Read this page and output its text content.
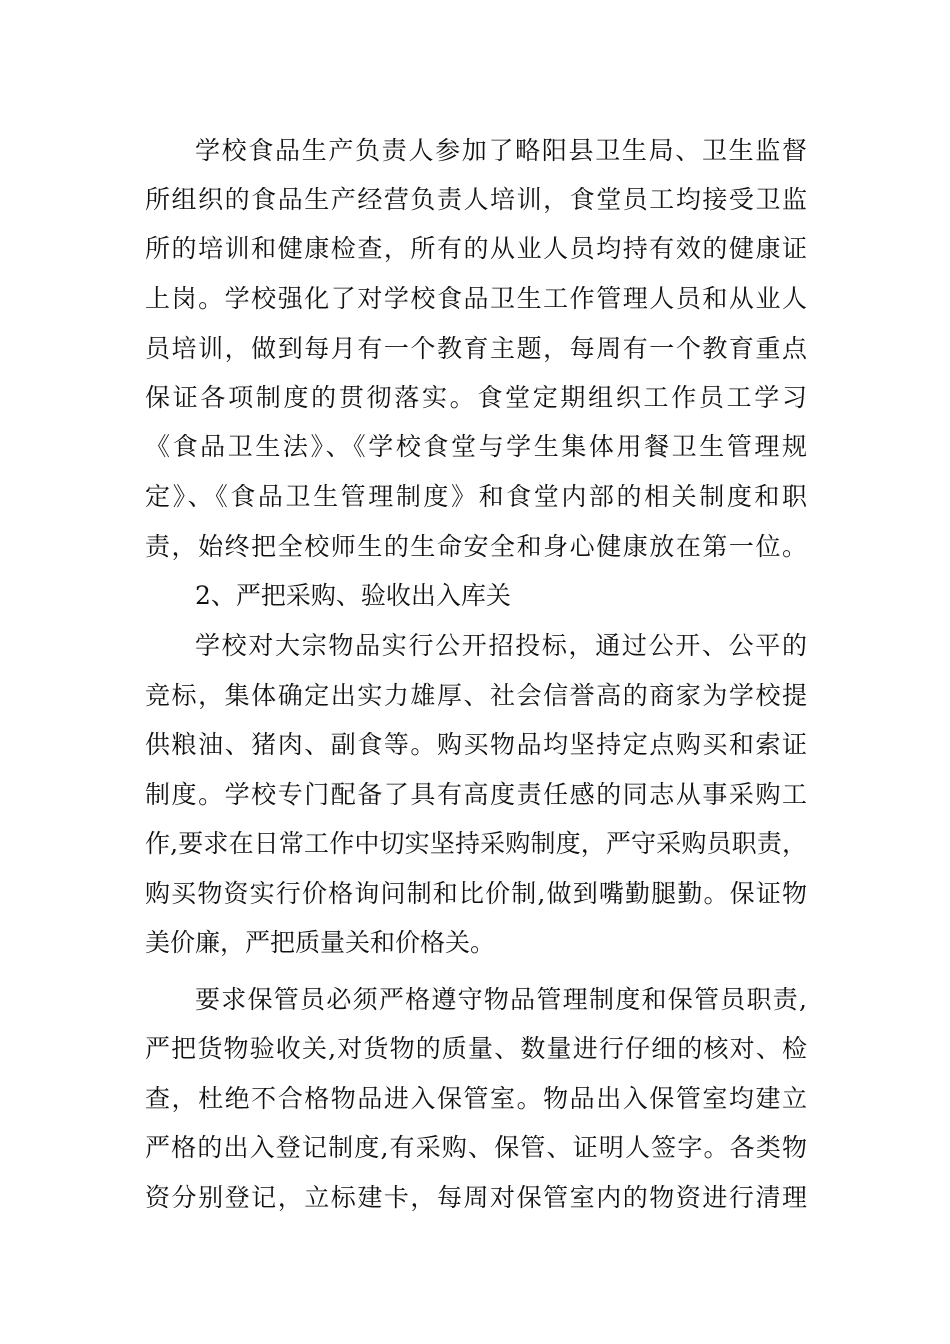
学校食品生产负责人参加了略阳县卫生局、卫生监督
所组织的食品生产经营负责人培训，食堂员工均接受卫监
所的培训和健康检查，所有的从业人员均持有效的健康证
上岗。学校强化了对学校食品卫生工作管理人员和从业人
员培训，做到每月有一个教育主题，每周有一个教育重点
保证各项制度的贯彻落实。食堂定期组织工作员工学习
《食品卫生法》、《学校食堂与学生集体用餐卫生管理规
定》、《食品卫生管理制度》和食堂内部的相关制度和职
责，始终把全校师生的生命安全和身心健康放在第一位。
2、严把采购、验收出入库关
学校对大宗物品实行公开招投标，通过公开、公平的
竞标，集体确定出实力雄厚、社会信誉高的商家为学校提
供粮油、猪肉、副食等。购买物品均坚持定点购买和索证
制度。学校专门配备了具有高度责任感的同志从事采购工
作,要求在日常工作中切实坚持采购制度，严守采购员职责，
购买物资实行价格询问制和比价制,做到嘴勤腿勤。保证物
美价廉，严把质量关和价格关。
要求保管员必须严格遵守物品管理制度和保管员职责,
严把货物验收关,对货物的质量、数量进行仔细的核对、检
查，杜绝不合格物品进入保管室。物品出入保管室均建立
严格的出入登记制度,有采购、保管、证明人签字。各类物
资分别登记，立标建卡，每周对保管室内的物资进行清理
